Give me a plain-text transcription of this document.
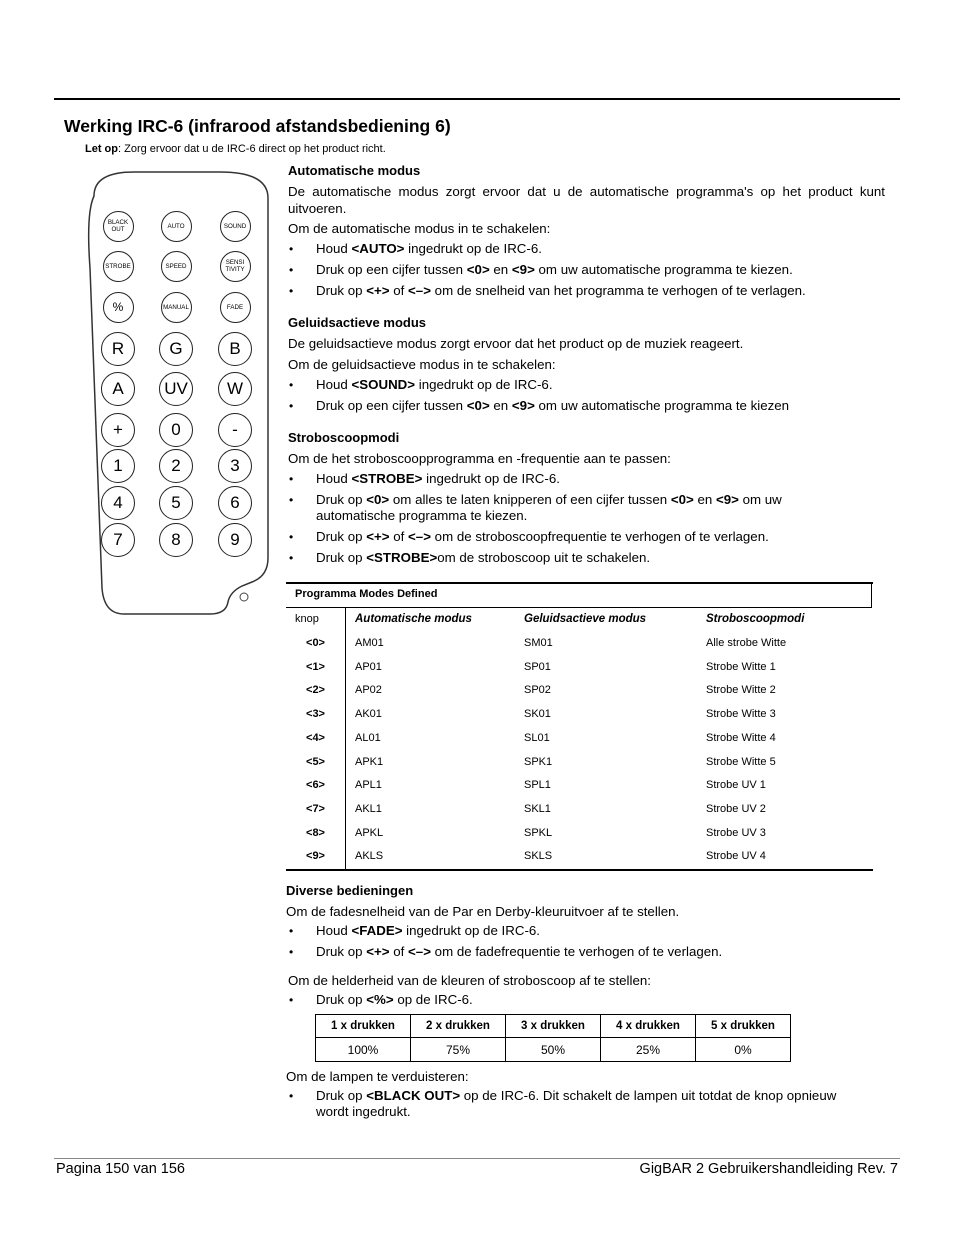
Werking IRC-6 (infrarood afstandsbediening 6)
Let op: Zorg ervoor dat u de IRC-6 direct op het product richt.
BLACK OUT	AUTO	SOUND
STROBE	SPEED	SENSI TIVITY
%	MANUAL	FADE
R	G	B
A	UV	W
+	0	-
1	2	3
4	5	6
7	8	9
Automatische modus
De automatische modus zorgt ervoor dat u de automatische programma's op het product kunt uitvoeren.
Om de automatische modus in te schakelen:
• Houd <AUTO> ingedrukt op de IRC-6.
• Druk op een cijfer tussen <0> en <9> om uw automatische programma te kiezen.
• Druk op <+> of <–> om de snelheid van het programma te verhogen of te verlagen.
Geluidsactieve modus
De geluidsactieve modus zorgt ervoor dat het product op de muziek reageert.
Om de geluidsactieve modus in te schakelen:
• Houd <SOUND> ingedrukt op de IRC-6.
• Druk op een cijfer tussen <0> en <9> om uw automatische programma te kiezen
Stroboscoopmodi
Om de het stroboscoopprogramma en -frequentie aan te passen:
• Houd <STROBE> ingedrukt op de IRC-6.
• Druk op <0> om alles te laten knipperen of een cijfer tussen <0> en <9> om uw automatische programma te kiezen.
• Druk op <+> of <–> om de stroboscoopfrequentie te verhogen of te verlagen.
• Druk op <STROBE>om de stroboscoop uit te schakelen.
Programma Modes Defined
knop	Automatische modus	Geluidsactieve modus	Stroboscoopmodi
<0>	AM01	SM01	Alle strobe Witte
<1>	AP01	SP01	Strobe Witte 1
<2>	AP02	SP02	Strobe Witte 2
<3>	AK01	SK01	Strobe Witte 3
<4>	AL01	SL01	Strobe Witte 4
<5>	APK1	SPK1	Strobe Witte 5
<6>	APL1	SPL1	Strobe UV 1
<7>	AKL1	SKL1	Strobe UV 2
<8>	APKL	SPKL	Strobe UV 3
<9>	AKLS	SKLS	Strobe UV 4
Diverse bedieningen
Om de fadesnelheid van de Par en Derby-kleuruitvoer af te stellen.
• Houd <FADE> ingedrukt op de IRC-6.
• Druk op <+> of <–> om de fadefrequentie te verhogen of te verlagen.
Om de helderheid van de kleuren of stroboscoop af te stellen:
• Druk op <%> op de IRC-6.
1 x drukken	2 x drukken	3 x drukken	4 x drukken	5 x drukken
100%	75%	50%	25%	0%
Om de lampen te verduisteren:
• Druk op <BLACK OUT> op de IRC-6. Dit schakelt de lampen uit totdat de knop opnieuw wordt ingedrukt.
Pagina 150 van 156	GigBAR 2 Gebruikershandleiding Rev. 7
